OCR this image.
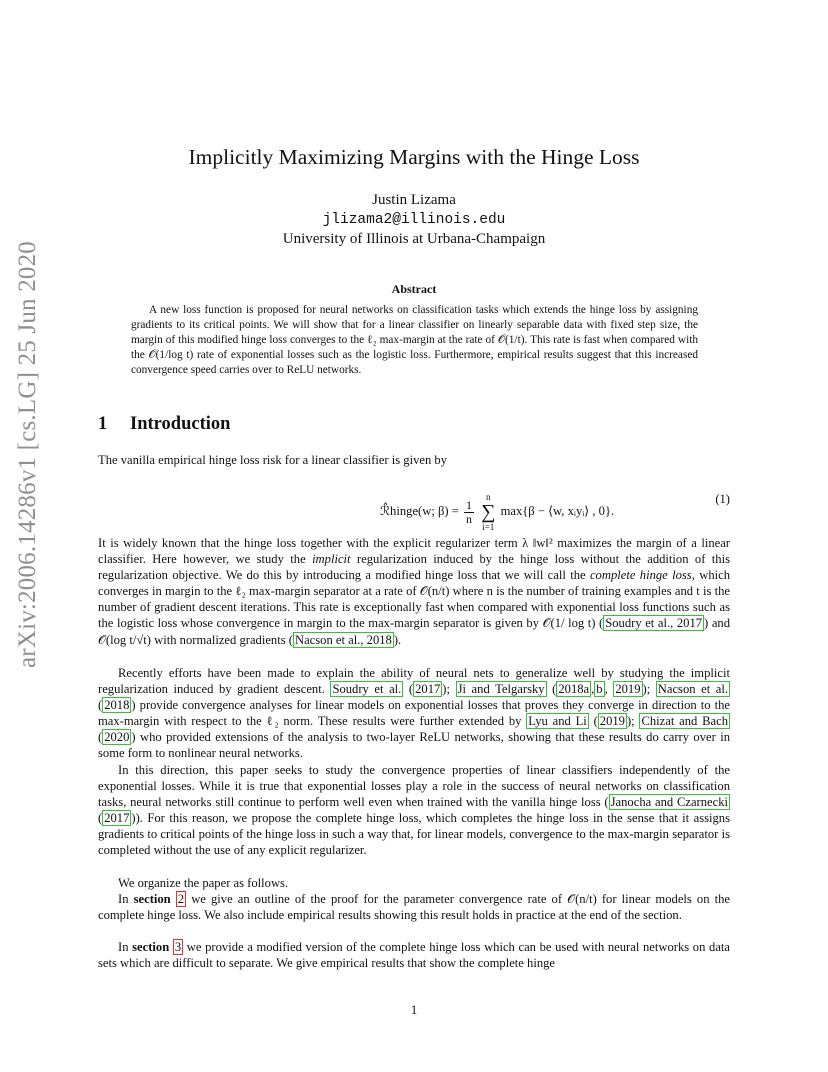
arXiv:2006.14286v1 [cs.LG] 25 Jun 2020
Implicitly Maximizing Margins with the Hinge Loss
Justin Lizama
jlizama2@illinois.edu
University of Illinois at Urbana-Champaign
Abstract
A new loss function is proposed for neural networks on classification tasks which extends the hinge loss by assigning gradients to its critical points. We will show that for a linear classifier on linearly separable data with fixed step size, the margin of this modified hinge loss converges to the ℓ₂ max-margin at the rate of 𝒪(1/t). This rate is fast when compared with the 𝒪(1/log t) rate of exponential losses such as the logistic loss. Furthermore, empirical results suggest that this increased convergence speed carries over to ReLU networks.
1 Introduction
The vanilla empirical hinge loss risk for a linear classifier is given by
ℛ̂hinge(w; $\beta) = \frac{1}{n}$
n
∑
i=1 max{β − ⟨w, xᵢyᵢ⟩ , 0}.
(1)
It is widely known that the hinge loss together with the explicit regularizer term λ ‖w‖² maximizes the margin of a linear classifier. Here however, we study the implicit regularization induced by the hinge loss without the addition of this regularization objective. We do this by introducing a modified hinge loss that we will call the complete hinge loss, which converges in margin to the ℓ₂ max-margin separator at a rate of 𝒪(n/t) where n is the number of training examples and t is the number of gradient descent iterations. This rate is exceptionally fast when compared with exponential loss functions such as the logistic loss whose convergence in margin to the max-margin separator is given by 𝒪(1/ log t) ( Soudry et al., 2017 ) and 𝒪(log t/√t) with normalized gradients ( Nacson et al., 2018 ).
Recently efforts have been made to explain the ability of neural nets to generalize well by studying the implicit regularization induced by gradient descent. Soudry et al. ( 2017 ); Ji and Telgarsky ( 2018a , b , 2019 ); Nacson et al. ( 2018 ) provide convergence analyses for linear models on exponential losses that proves they converge in direction to the max-margin with respect to the ℓ₂ norm. These results were further extended by Lyu and Li ( 2019 ); Chizat and Bach ( 2020 ) who provided extensions of the analysis to two-layer ReLU networks, showing that these results do carry over in some form to nonlinear neural networks.
In this direction, this paper seeks to study the convergence properties of linear classifiers independently of the exponential losses. While it is true that exponential losses play a role in the success of neural networks on classification tasks, neural networks still continue to perform well even when trained with the vanilla hinge loss ( Janocha and Czarnecki ( 2017 )). For this reason, we propose the complete hinge loss, which completes the hinge loss in the sense that it assigns gradients to critical points of the hinge loss in such a way that, for linear models, convergence to the max-margin separator is completed without the use of any explicit regularizer.
We organize the paper as follows.
In section 2 we give an outline of the proof for the parameter convergence rate of 𝒪(n/t) for linear models on the complete hinge loss. We also include empirical results showing this result holds in practice at the end of the section.
In section 3 we provide a modified version of the complete hinge loss which can be used with neural networks on data sets which are difficult to separate. We give empirical results that show the complete hinge
1
